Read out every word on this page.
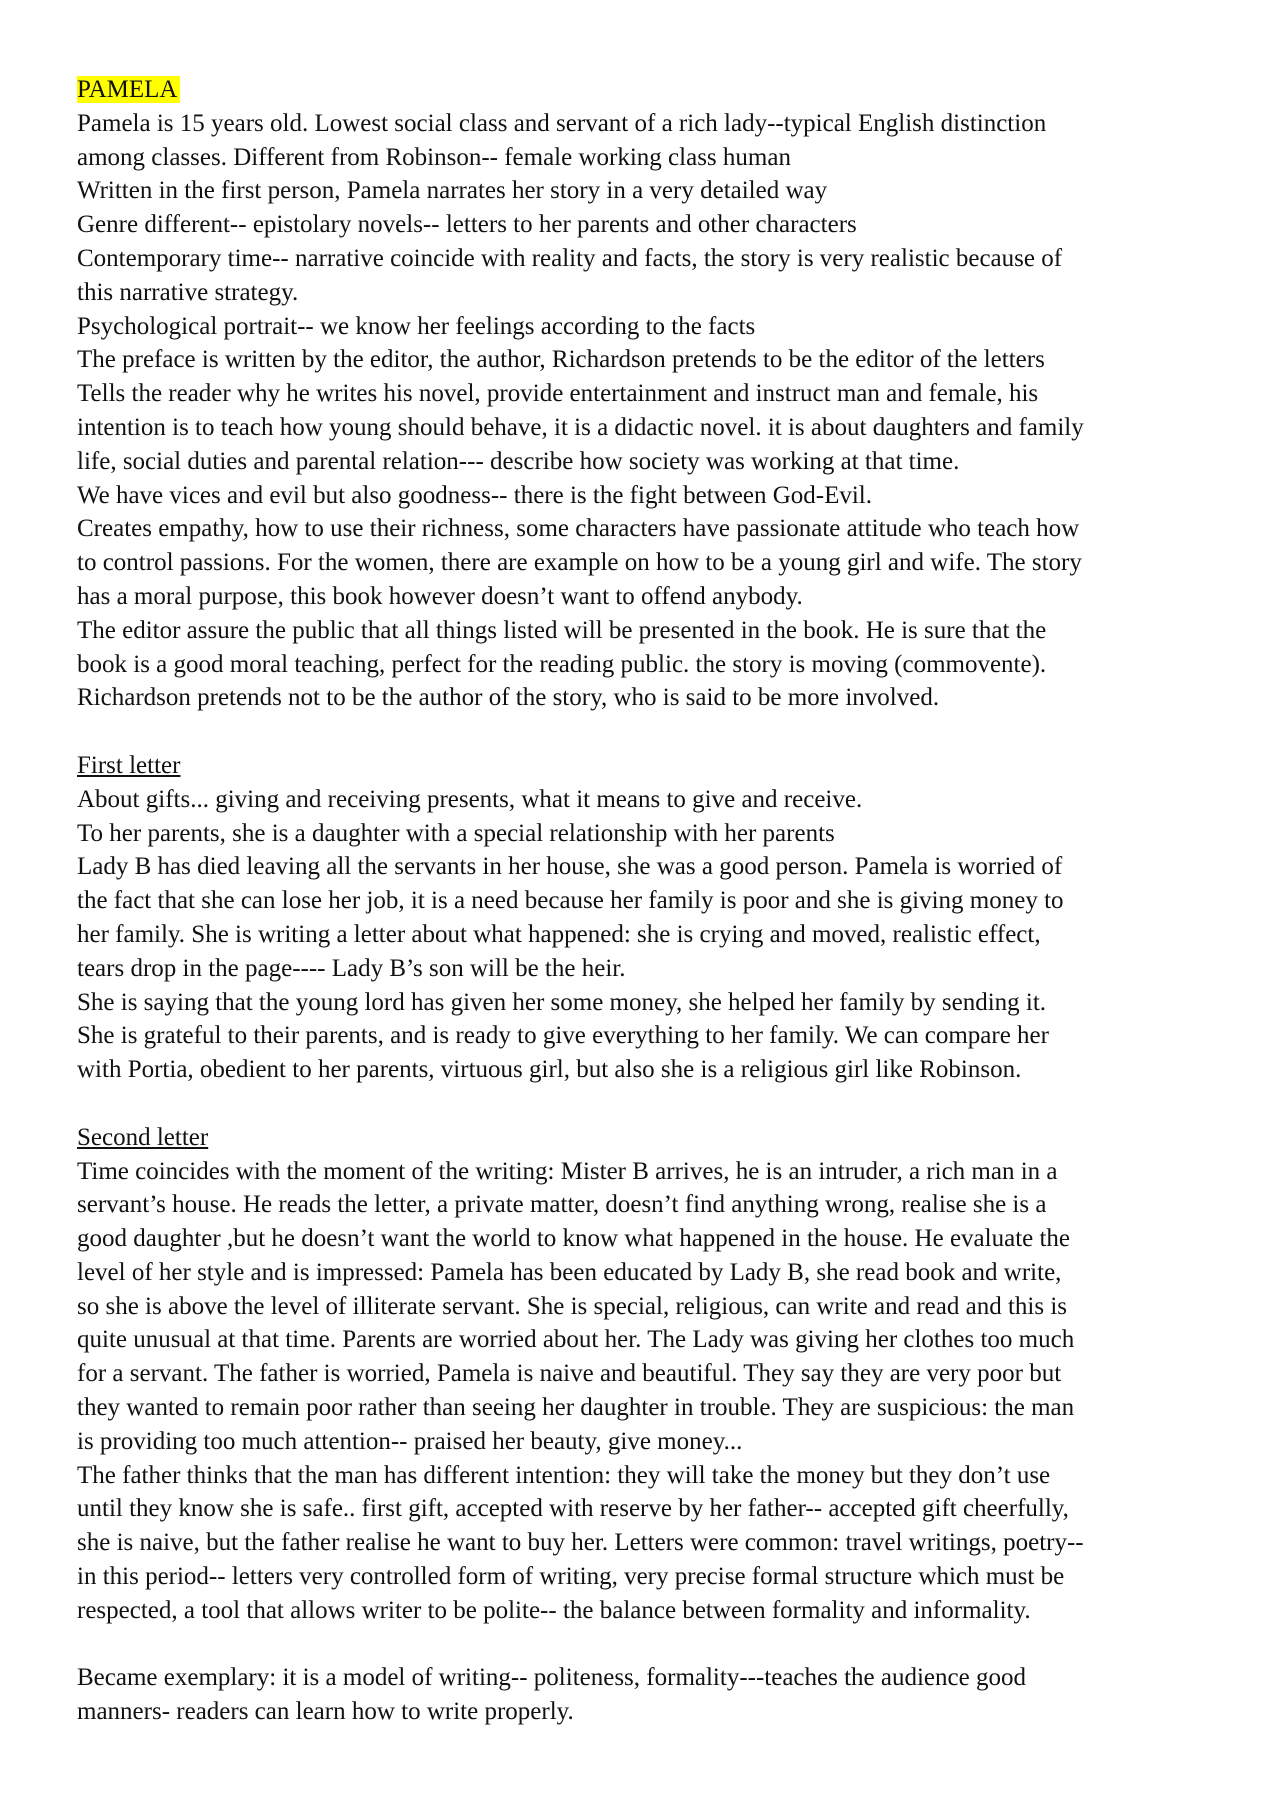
PAMELA
Pamela is 15 years old. Lowest social class and servant of a rich lady--typical English distinction
among classes. Different from Robinson-- female working class human
Written in the first person, Pamela narrates her story in a very detailed way
Genre different-- epistolary novels-- letters to her parents and other characters
Contemporary time-- narrative coincide with reality and facts, the story is very realistic because of
this narrative strategy.
Psychological portrait-- we know her feelings according to the facts
The preface is written by the editor, the author, Richardson pretends to be the editor of the letters
Tells the reader why he writes his novel, provide entertainment and instruct man and female, his
intention is to teach how young should behave, it is a didactic novel. it is about daughters and family
life, social duties and parental relation--- describe how society was working at that time.
We have vices and evil but also goodness-- there is the fight between God-Evil.
Creates empathy, how to use their richness, some characters have passionate attitude who teach how
to control passions. For the women, there are example on how to be a young girl and wife. The story
has a moral purpose, this book however doesn’t want to offend anybody.
The editor assure the public that all things listed will be presented in the book. He is sure that the
book is a good moral teaching, perfect for the reading public. the story is moving (commovente).
Richardson pretends not to be the author of the story, who is said to be more involved.
First letter
About gifts... giving and receiving presents, what it means to give and receive.
To her parents, she is a daughter with a special relationship with her parents
Lady B has died leaving all the servants in her house, she was a good person. Pamela is worried of
the fact that she can lose her job, it is a need because her family is poor and she is giving money to
her family. She is writing a letter about what happened: she is crying and moved, realistic effect,
tears drop in the page---- Lady B’s son will be the heir.
She is saying that the young lord has given her some money, she helped her family by sending it.
She is grateful to their parents, and is ready to give everything to her family. We can compare her
with Portia, obedient to her parents, virtuous girl, but also she is a religious girl like Robinson.
Second letter
Time coincides with the moment of the writing: Mister B arrives, he is an intruder, a rich man in a
servant’s house. He reads the letter, a private matter, doesn’t find anything wrong, realise she is a
good daughter ,but he doesn’t want the world to know what happened in the house. He evaluate the
level of her style and is impressed: Pamela has been educated by Lady B, she read book and write,
so she is above the level of illiterate servant. She is special, religious, can write and read and this is
quite unusual at that time. Parents are worried about her. The Lady was giving her clothes too much
for a servant. The father is worried, Pamela is naive and beautiful. They say they are very poor but
they wanted to remain poor rather than seeing her daughter in trouble. They are suspicious: the man
is providing too much attention-- praised her beauty, give money...
The father thinks that the man has different intention: they will take the money but they don’t use
until they know she is safe.. first gift, accepted with reserve by her father-- accepted gift cheerfully,
she is naive, but the father realise he want to buy her. Letters were common: travel writings, poetry--
in this period-- letters very controlled form of writing, very precise formal structure which must be
respected, a tool that allows writer to be polite-- the balance between formality and informality.
Became exemplary: it is a model of writing-- politeness, formality---teaches the audience good
manners- readers can learn how to write properly.
